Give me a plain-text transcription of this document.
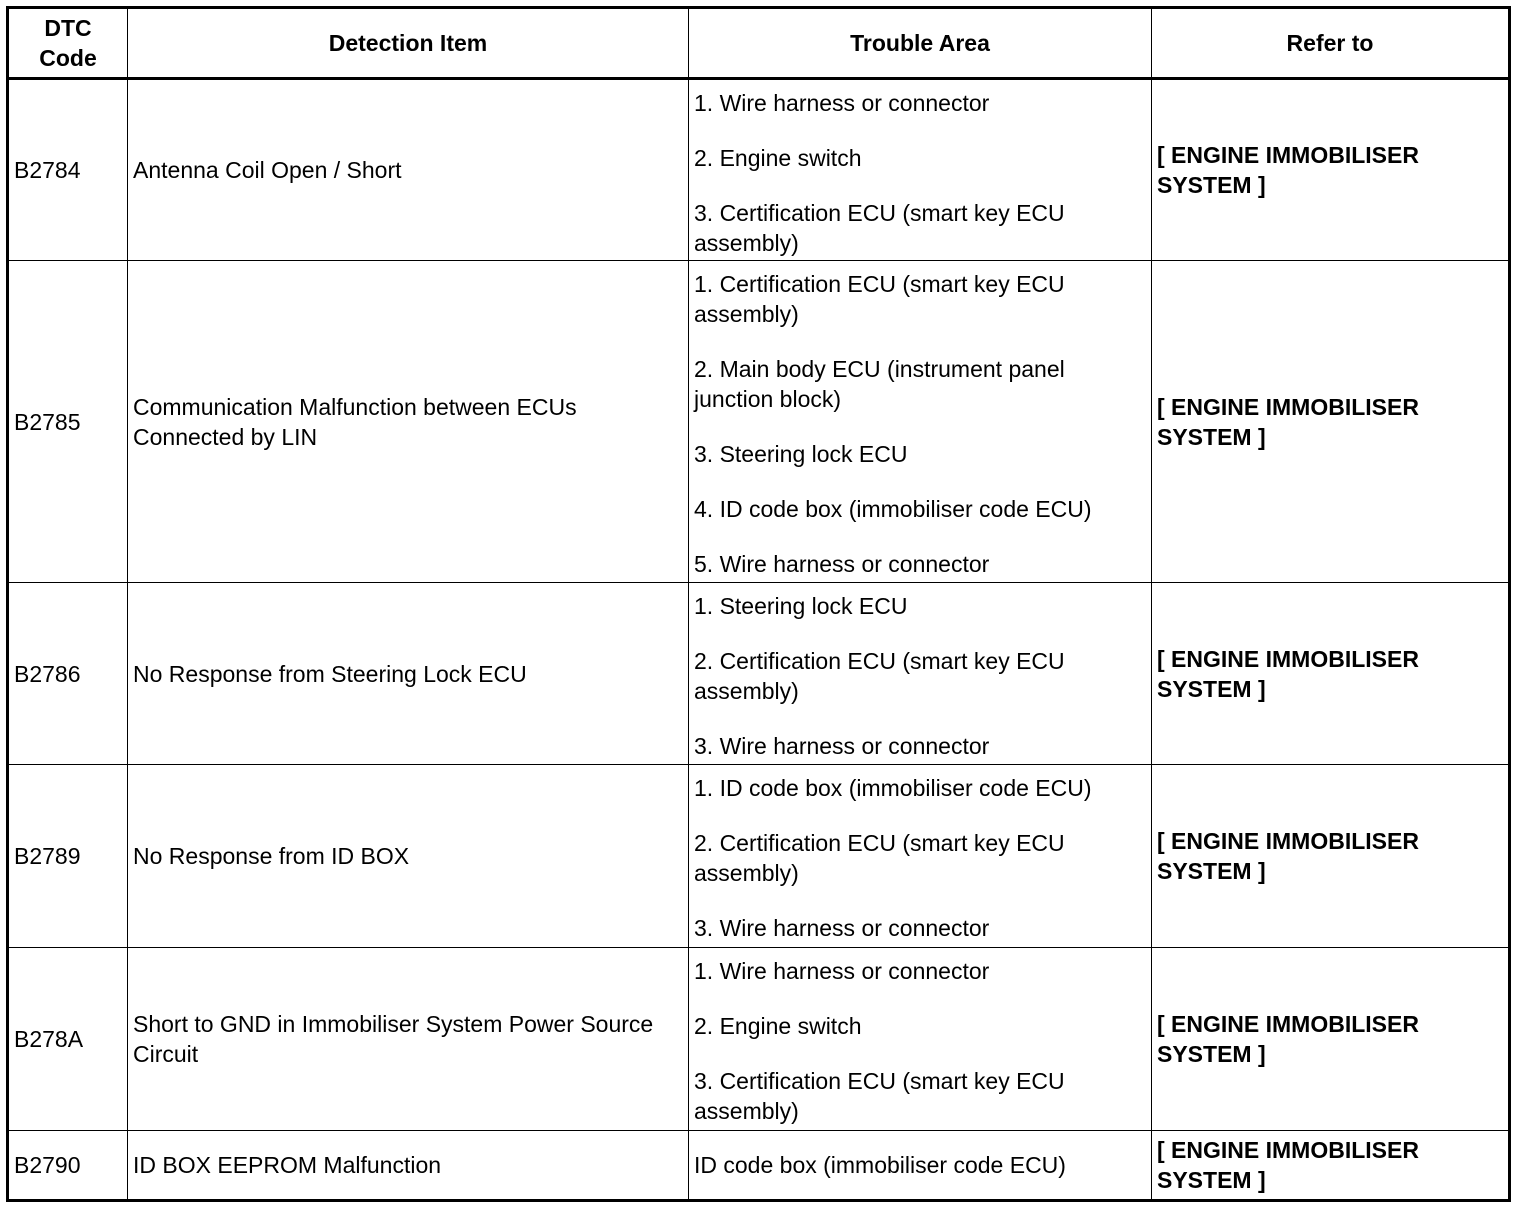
DTC Code	Detection Item	Trouble Area	Refer to
B2784	Antenna Coil Open / Short	1. Wire harness or connector
2. Engine switch
3. Certification ECU (smart key ECU assembly)	[ ENGINE IMMOBILISER SYSTEM ]
B2785	Communication Malfunction between ECUs Connected by LIN	1. Certification ECU (smart key ECU assembly)
2. Main body ECU (instrument panel junction block)
3. Steering lock ECU
4. ID code box (immobiliser code ECU)
5. Wire harness or connector	[ ENGINE IMMOBILISER SYSTEM ]
B2786	No Response from Steering Lock ECU	1. Steering lock ECU
2. Certification ECU (smart key ECU assembly)
3. Wire harness or connector	[ ENGINE IMMOBILISER SYSTEM ]
B2789	No Response from ID BOX	1. ID code box (immobiliser code ECU)
2. Certification ECU (smart key ECU assembly)
3. Wire harness or connector	[ ENGINE IMMOBILISER SYSTEM ]
B278A	Short to GND in Immobiliser System Power Source Circuit	1. Wire harness or connector
2. Engine switch
3. Certification ECU (smart key ECU assembly)	[ ENGINE IMMOBILISER SYSTEM ]
B2790	ID BOX EEPROM Malfunction	ID code box (immobiliser code ECU)	[ ENGINE IMMOBILISER SYSTEM ]
